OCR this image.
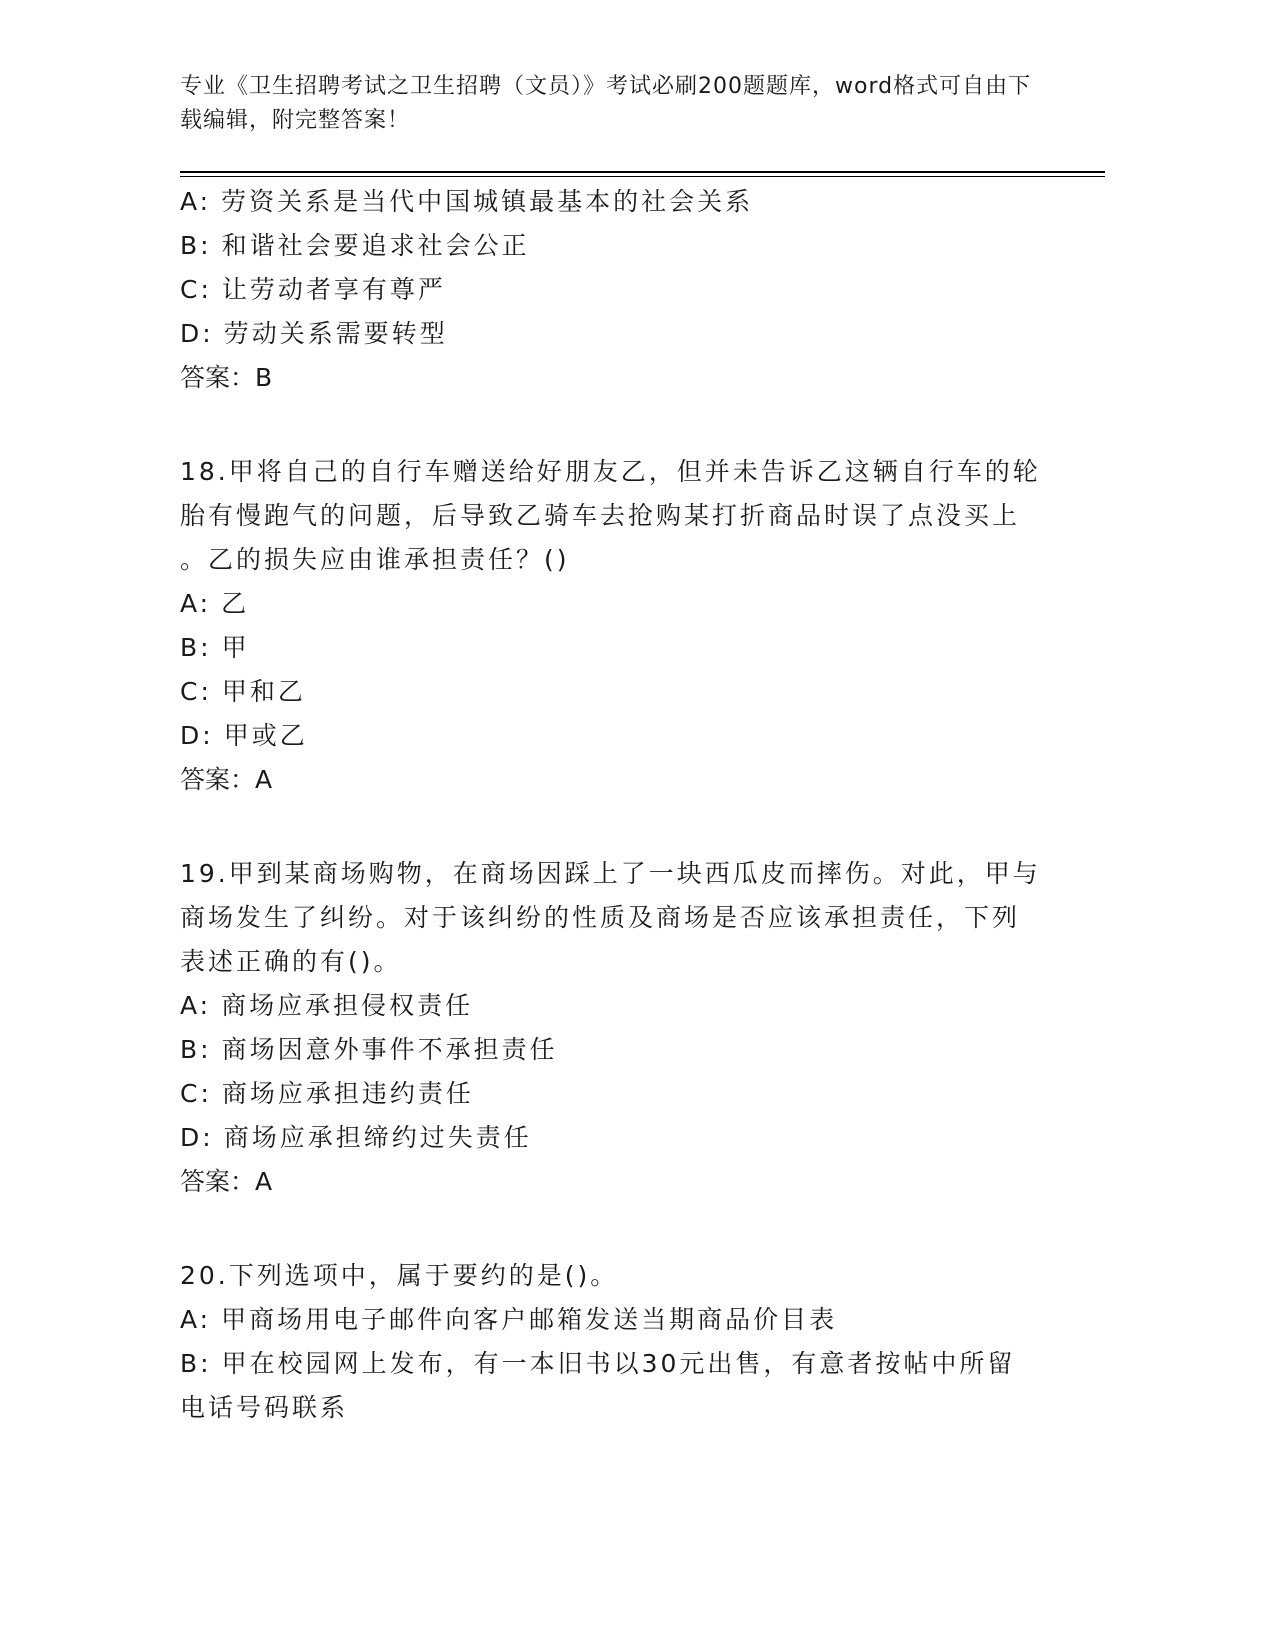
专业《卫生招聘考试之卫生招聘（文员）》考试必刷200题题库，word格式可自由下载编辑，附完整答案！
A: 劳资关系是当代中国城镇最基本的社会关系
B: 和谐社会要追求社会公正
C: 让劳动者享有尊严
D: 劳动关系需要转型
答案：B
18.甲将自己的自行车赠送给好朋友乙，但并未告诉乙这辆自行车的轮
胎有慢跑气的问题，后导致乙骑车去抢购某打折商品时误了点没买上
。乙的损失应由谁承担责任？()
A: 乙
B: 甲
C: 甲和乙
D: 甲或乙
答案：A
19.甲到某商场购物，在商场因踩上了一块西瓜皮而摔伤。对此，甲与
商场发生了纠纷。对于该纠纷的性质及商场是否应该承担责任，下列
表述正确的有()。
A: 商场应承担侵权责任
B: 商场因意外事件不承担责任
C: 商场应承担违约责任
D: 商场应承担缔约过失责任
答案：A
20.下列选项中，属于要约的是()。
A: 甲商场用电子邮件向客户邮箱发送当期商品价目表
B: 甲在校园网上发布，有一本旧书以30元出售，有意者按帖中所留
电话号码联系
